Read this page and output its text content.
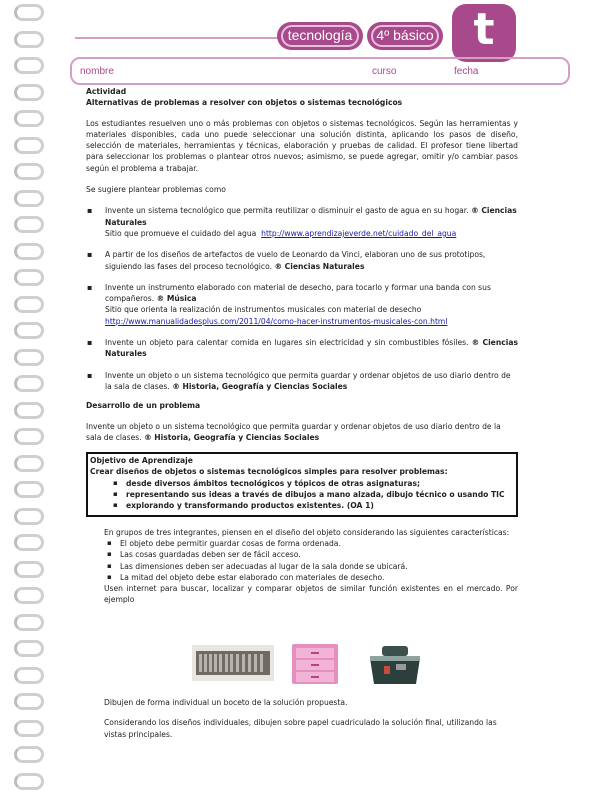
tecnología	4º básico t
nombre	curso	fecha
Actividad
Alternativas de problemas a resolver con objetos o sistemas tecnológicos
Los estudiantes resuelven uno o más problemas con objetos o sistemas tecnológicos. Según las herramientas y materiales disponibles, cada uno puede seleccionar una solución distinta, aplicando los pasos de diseño, selección de materiales, herramientas y técnicas, elaboración y pruebas de calidad. El profesor tiene libertad para seleccionar los problemas o plantear otros nuevos; asimismo, se puede agregar, omitir y/o cambiar pasos según el problema a trabajar.
Se sugiere plantear problemas como
▪ Invente un sistema tecnológico que permita reutilizar o disminuir el gasto de agua en su hogar. ® Ciencias Naturales
Sitio que promueve el cuidado del agua http://www.aprendizajeverde.net/cuidado_del_agua
▪ A partir de los diseños de artefactos de vuelo de Leonardo da Vinci, elaboran uno de sus prototipos, siguiendo las fases del proceso tecnológico. ® Ciencias Naturales
▪ Invente un instrumento elaborado con material de desecho, para tocarlo y formar una banda con sus compañeros. ® Música
Sitio que orienta la realización de instrumentos musicales con material de desecho
http://www.manualidadesplus.com/2011/04/como-hacer-instrumentos-musicales-con.html
▪ Invente un objeto para calentar comida en lugares sin electricidad y sin combustibles fósiles. ® Ciencias Naturales
▪ Invente un objeto o un sistema tecnológico que permita guardar y ordenar objetos de uso diario dentro de la sala de clases. ® Historia, Geografía y Ciencias Sociales
Desarrollo de un problema
Invente un objeto o un sistema tecnológico que permita guardar y ordenar objetos de uso diario dentro de la sala de clases. ® Historia, Geografía y Ciencias Sociales
Objetivo de Aprendizaje
Crear diseños de objetos o sistemas tecnológicos simples para resolver problemas:
▪ desde diversos ámbitos tecnológicos y tópicos de otras asignaturas;
▪ representando sus ideas a través de dibujos a mano alzada, dibujo técnico o usando TIC
▪ explorando y transformando productos existentes. (OA 1)
En grupos de tres integrantes, piensen en el diseño del objeto considerando las siguientes características:
▪ El objeto debe permitir guardar cosas de forma ordenada.
▪ Las cosas guardadas deben ser de fácil acceso.
▪ Las dimensiones deben ser adecuadas al lugar de la sala donde se ubicará.
▪ La mitad del objeto debe estar elaborado con materiales de desecho.
Usen internet para buscar, localizar y comparar objetos de similar función existentes en el mercado. Por ejemplo
Dibujen de forma individual un boceto de la solución propuesta.
Considerando los diseños individuales, dibujen sobre papel cuadriculado la solución final, utilizando las vistas principales.
